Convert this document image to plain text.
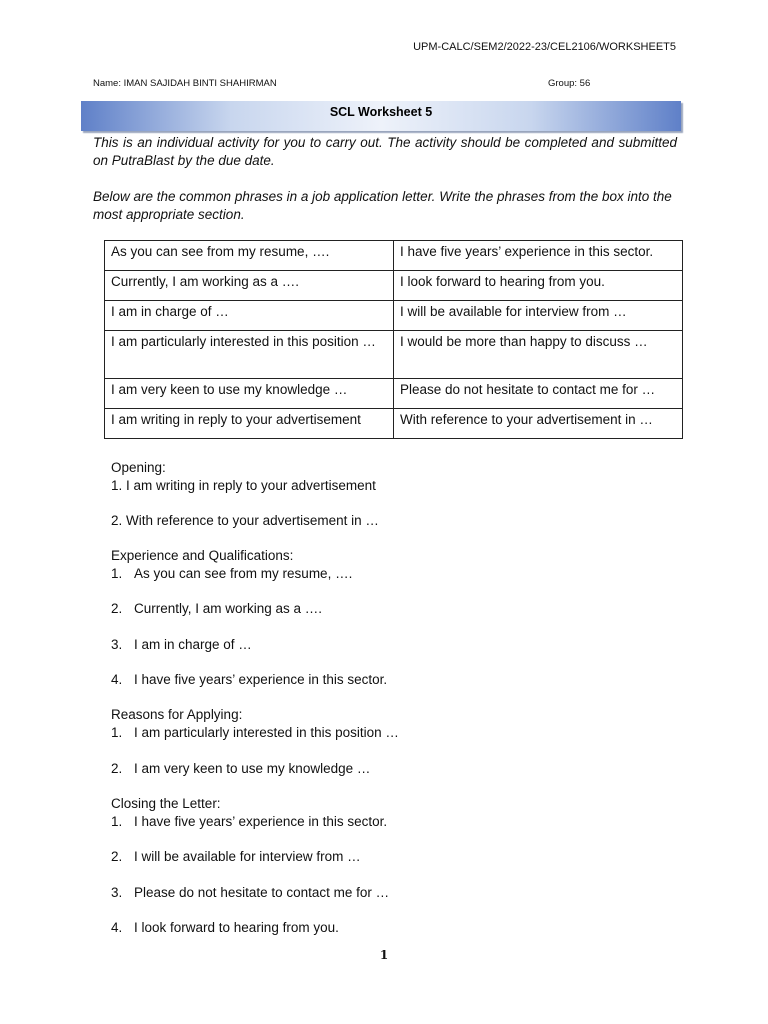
UPM-CALC/SEM2/2022-23/CEL2106/WORKSHEET5
Name: IMAN SAJIDAH BINTI SHAHIRMAN	Group: 56
SCL Worksheet 5

This is an individual activity for you to carry out. The activity should be completed and submitted on PutraBlast by the due date.

Below are the common phrases in a job application letter. Write the phrases from the box into the most appropriate section.

As you can see from my resume, ….	I have five years’ experience in this sector.
Currently, I am working as a ….	I look forward to hearing from you.
I am in charge of …	I will be available for interview from …
I am particularly interested in this position …	I would be more than happy to discuss …
I am very keen to use my knowledge …	Please do not hesitate to contact me for …
I am writing in reply to your advertisement	With reference to your advertisement in …
Opening:
1. I am writing in reply to your advertisement
2. With reference to your advertisement in …
Experience and Qualifications:
1. As you can see from my resume, ….
2. Currently, I am working as a ….
3. I am in charge of …
4. I have five years’ experience in this sector.
Reasons for Applying:
1. I am particularly interested in this position …
2. I am very keen to use my knowledge …
Closing the Letter:
1. I have five years’ experience in this sector.
2. I will be available for interview from …
3. Please do not hesitate to contact me for …
4. I look forward to hearing from you.
1
